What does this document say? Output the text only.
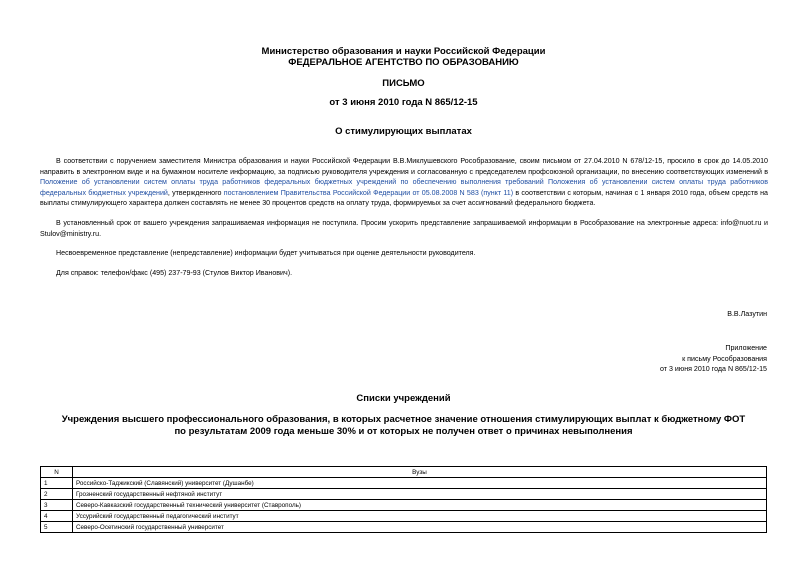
Министерство образования и науки Российской Федерации
ФЕДЕРАЛЬНОЕ АГЕНТСТВО ПО ОБРАЗОВАНИЮ
ПИСЬМО
от 3 июня 2010 года N 865/12-15
О стимулирующих выплатах
В соответствии с поручением заместителя Министра образования и науки Российской Федерации В.В.Миклушевского Рособразование, своим письмом от 27.04.2010 N 678/12-15, просило в срок до 14.05.2010 направить в электронном виде и на бумажном носителе информацию, за подписью руководителя учреждения и согласованную с председателем профсоюзной организации, по внесению соответствующих изменений в Положение об установлении систем оплаты труда работников федеральных бюджетных учреждений по обеспечению выполнения требований Положения об установлении систем оплаты труда работников федеральных бюджетных учреждений, утвержденного постановлением Правительства Российской Федерации от 05.08.2008 N 583 (пункт 11) в соответствии с которым, начиная с 1 января 2010 года, объем средств на выплаты стимулирующего характера должен составлять не менее 30 процентов средств на оплату труда, формируемых за счет ассигнований федерального бюджета.
В установленный срок от вашего учреждения запрашиваемая информация не поступила. Просим ускорить представление запрашиваемой информации в Рособразование на электронные адреса: info@nuot.ru и Stulov@ministry.ru.
Несвоевременное представление (непредставление) информации будет учитываться при оценке деятельности руководителя.
Для справок: телефон/факс (495) 237-79-93 (Стулов Виктор Иванович).
В.В.Лазутин
Приложение
к письму Рособразования
от 3 июня 2010 года N 865/12-15
Списки учреждений
Учреждения высшего профессионального образования, в которых расчетное значение отношения стимулирующих выплат к бюджетному ФОТ по результатам 2009 года меньше 30% и от которых не получен ответ о причинах невыполнения
N	Вузы
1	Российско-Таджикский (Славянский) университет (Душанбе)
2	Грозненский государственный нефтяной институт
3	Северо-Кавказский государственный технический университет (Ставрополь)
4	Уссурийский государственный педагогический институт
5	Северо-Осетинский государственный университет
